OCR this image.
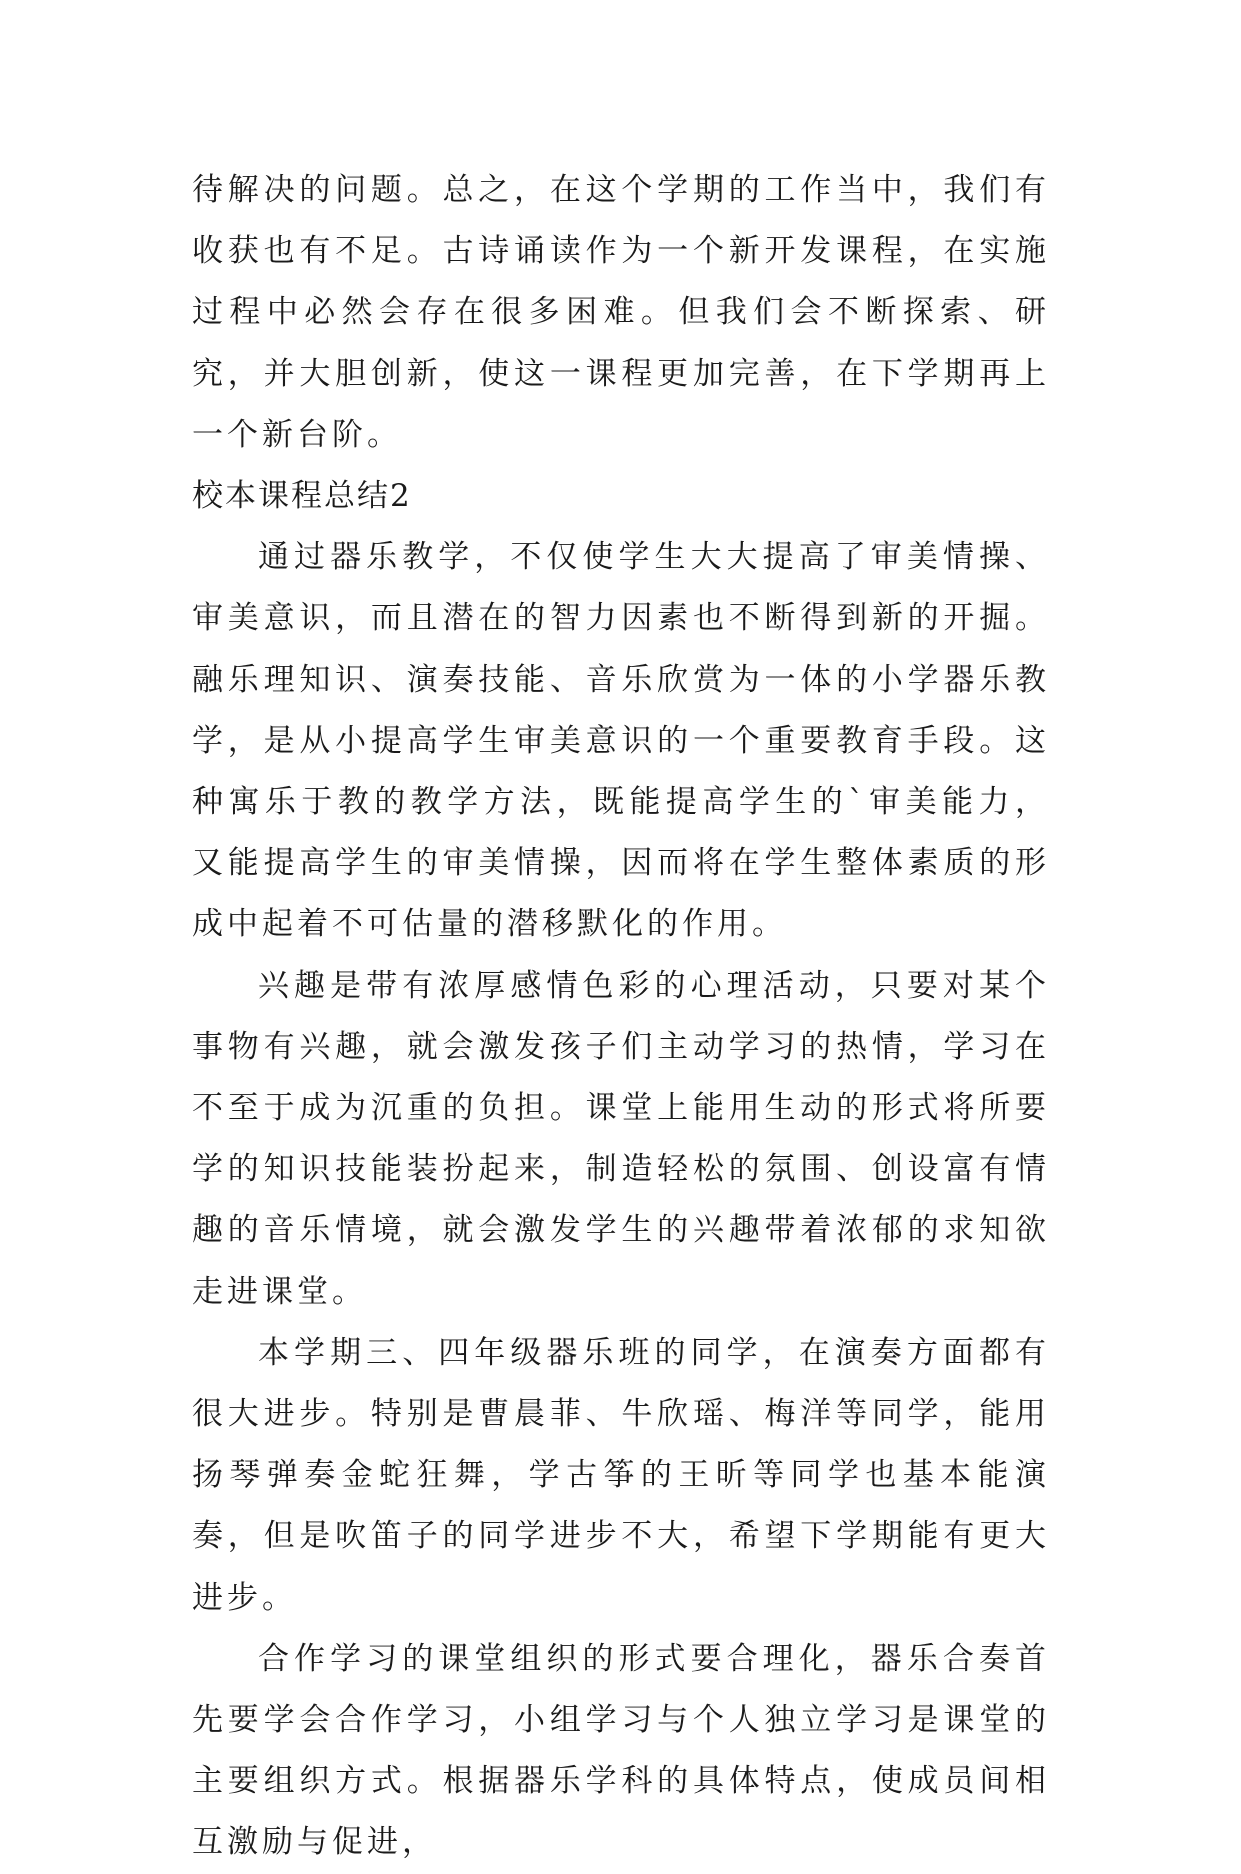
待解决的问题。总之，在这个学期的工作当中，我们有收获也有不足。古诗诵读作为一个新开发课程，在实施过程中必然会存在很多困难。但我们会不断探索、研究，并大胆创新，使这一课程更加完善，在下学期再上一个新台阶。

校本课程总结2

通过器乐教学，不仅使学生大大提高了审美情操、审美意识，而且潜在的智力因素也不断得到新的开掘。融乐理知识、演奏技能、音乐欣赏为一体的小学器乐教学，是从小提高学生审美意识的一个重要教育手段。这种寓乐于教的教学方法，既能提高学生的`审美能力，又能提高学生的审美情操，因而将在学生整体素质的形成中起着不可估量的潜移默化的作用。

兴趣是带有浓厚感情色彩的心理活动，只要对某个事物有兴趣，就会激发孩子们主动学习的热情，学习在不至于成为沉重的负担。课堂上能用生动的形式将所要学的知识技能装扮起来，制造轻松的氛围、创设富有情趣的音乐情境，就会激发学生的兴趣带着浓郁的求知欲走进课堂。

本学期三、四年级器乐班的同学，在演奏方面都有很大进步。特别是曹晨菲、牛欣瑶、梅洋等同学，能用扬琴弹奏金蛇狂舞，学古筝的王昕等同学也基本能演奏，但是吹笛子的同学进步不大，希望下学期能有更大进步。

合作学习的课堂组织的形式要合理化，器乐合奏首先要学会合作学习，小组学习与个人独立学习是课堂的主要组织方式。根据器乐学科的具体特点，使成员间相互激励与促进，
